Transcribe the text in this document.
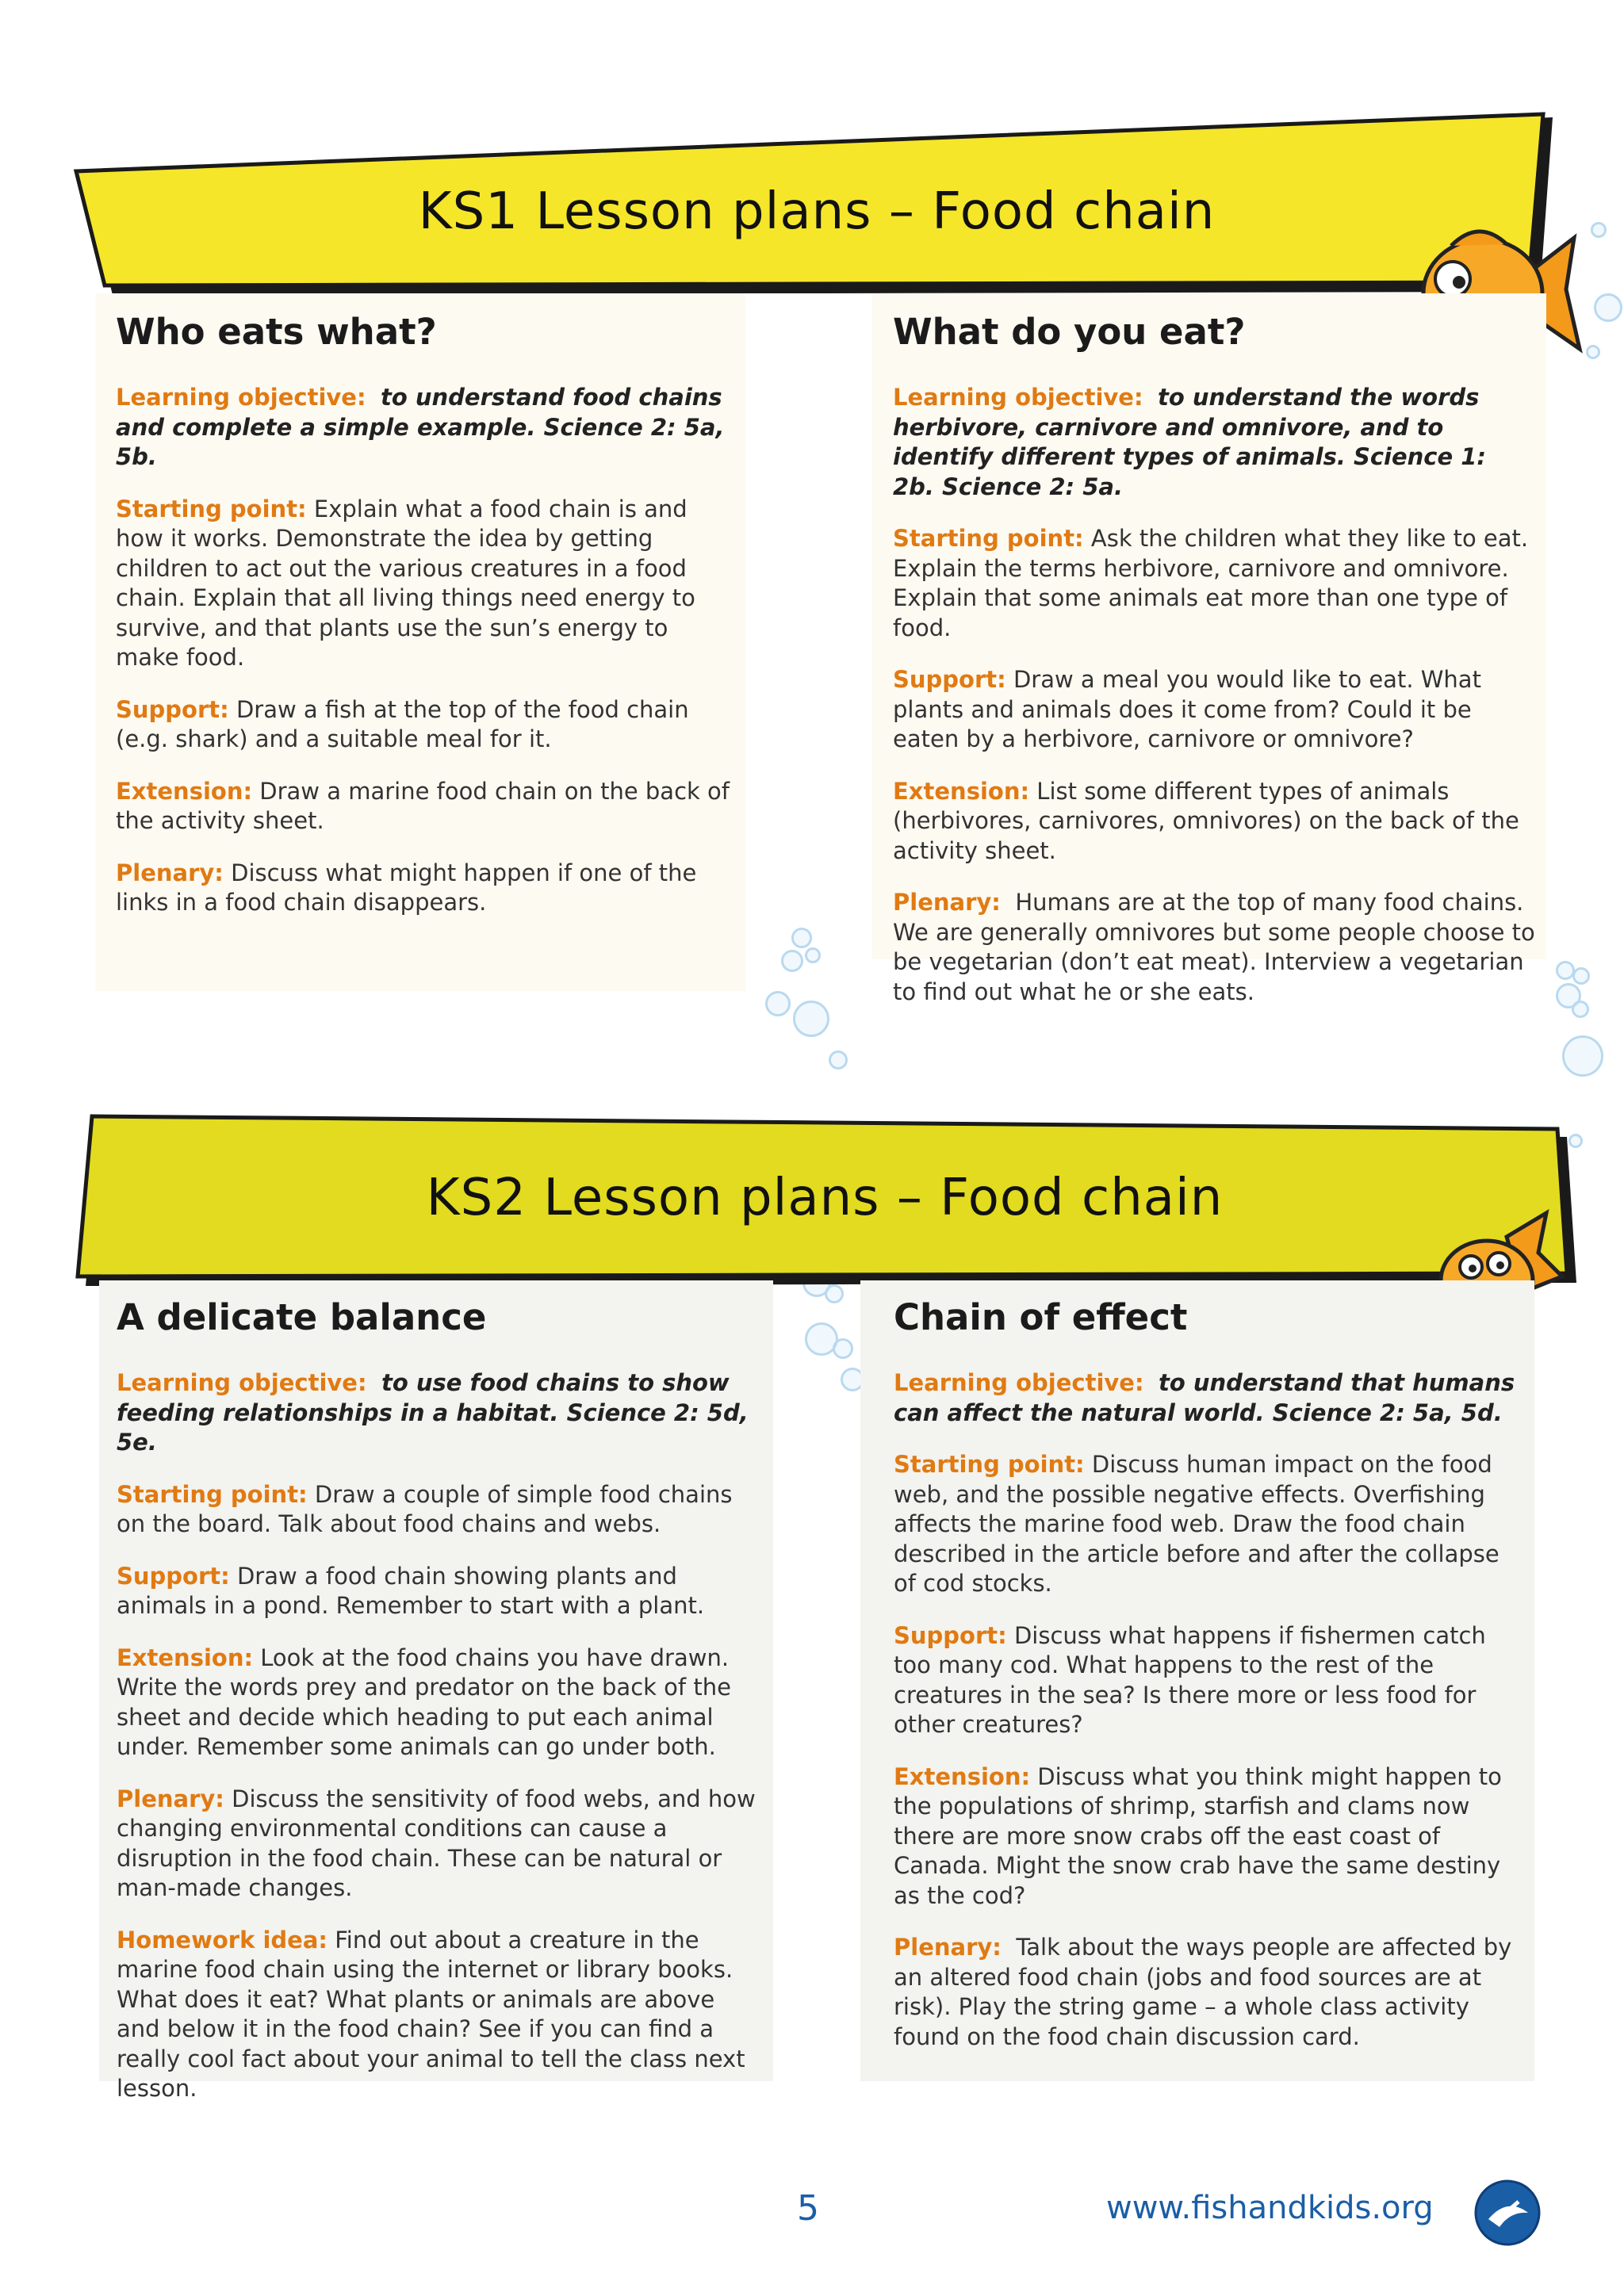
KS1 Lesson plans – Food chain
Who eats what?

Learning objective: to understand food chains and complete a simple example. Science 2: 5a, 5b.

Starting point: Explain what a food chain is and how it works. Demonstrate the idea by getting children to act out the various creatures in a food chain. Explain that all living things need energy to survive, and that plants use the sun’s energy to make food.

Support: Draw a fish at the top of the food chain (e.g. shark) and a suitable meal for it.

Extension: Draw a marine food chain on the back of the activity sheet.

Plenary: Discuss what might happen if one of the links in a food chain disappears.

What do you eat?

Learning objective: to understand the words herbivore, carnivore and omnivore, and to identify different types of animals. Science 1: 2b. Science 2: 5a.

Starting point: Ask the children what they like to eat. Explain the terms herbivore, carnivore and omnivore. Explain that some animals eat more than one type of food.

Support: Draw a meal you would like to eat. What plants and animals does it come from? Could it be eaten by a herbivore, carnivore or omnivore?

Extension: List some different types of animals (herbivores, carnivores, omnivores) on the back of the activity sheet.

Plenary: Humans are at the top of many food chains. We are generally omnivores but some people choose to be vegetarian (don’t eat meat). Interview a vegetarian to find out what he or she eats.

KS2 Lesson plans – Food chain
A delicate balance

Learning objective: to use food chains to show feeding relationships in a habitat. Science 2: 5d, 5e.

Starting point: Draw a couple of simple food chains on the board. Talk about food chains and webs.

Support: Draw a food chain showing plants and animals in a pond. Remember to start with a plant.

Extension: Look at the food chains you have drawn. Write the words prey and predator on the back of the sheet and decide which heading to put each animal under. Remember some animals can go under both.

Plenary: Discuss the sensitivity of food webs, and how changing environmental conditions can cause a disruption in the food chain. These can be natural or man-made changes.

Homework idea: Find out about a creature in the marine food chain using the internet or library books. What does it eat? What plants or animals are above and below it in the food chain? See if you can find a really cool fact about your animal to tell the class next lesson.

Chain of effect

Learning objective: to understand that humans can affect the natural world. Science 2: 5a, 5d.

Starting point: Discuss human impact on the food web, and the possible negative effects. Overfishing affects the marine food web. Draw the food chain described in the article before and after the collapse of cod stocks.

Support: Discuss what happens if fishermen catch too many cod. What happens to the rest of the creatures in the sea? Is there more or less food for other creatures?

Extension: Discuss what you think might happen to the populations of shrimp, starfish and clams now there are more snow crabs off the east coast of Canada. Might the snow crab have the same destiny as the cod?

Plenary: Talk about the ways people are affected by an altered food chain (jobs and food sources are at risk). Play the string game – a whole class activity found on the food chain discussion card.

5	www.fishandkids.org
